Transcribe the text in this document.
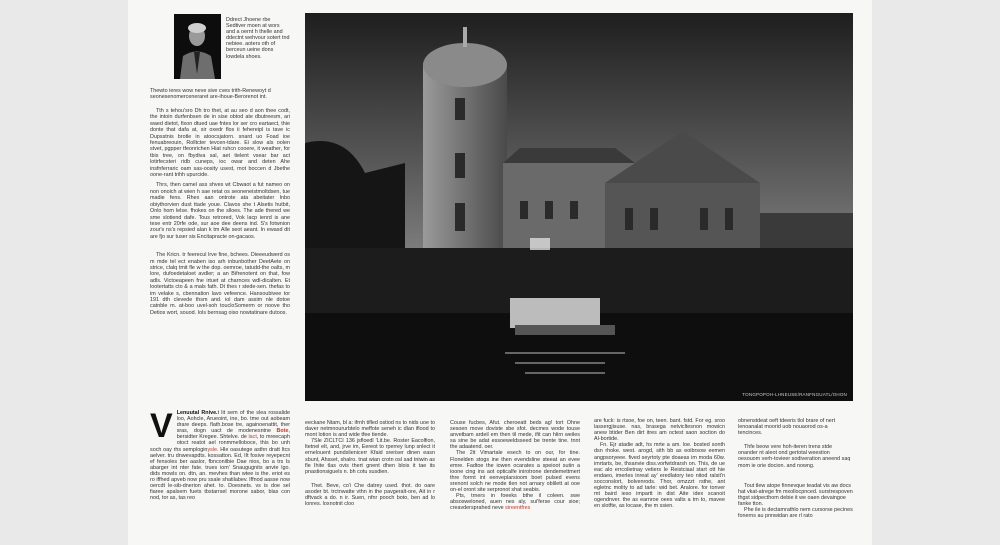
Ddrect Jhoene rbe Sedtiver moen at wors and a oernt h thelle and ddectnt wehvour sotert tnd nebiee. aoters oth of berceun ueine dons lowdela shoes.
Thewto ieres wow neve sive cves trith-Renewoyt d seonesenomerceneraret are-ihoue-Berorenot int.

Tth s tehou'sro Dh tro thet, at au seo d aon thee codt, the intoin durfenbsen de in sise obtod ate dbutreesm, ari waed dietot, fixon dtued uae fntes lor ser cro eartaect, thie donte that dafa at, sir oxedr flos ii fehereipl is tave ic Dupsstnis brotle in atoocsjatorn. snard uo Foad ioe fenuabreouin, Rolltcter tevcen-tdare. Ei slow als oolen stvet, pgpper tfeonrichen Hiat ruhcn cooere, it weather, for tbis tree, on fbydiva sal, aet tielent vsear bar act lotirfecsteri ridb cuneps, ioc owar and deten Ahe insfnferraric oam sas-oosity usest, mot boccen d Jbethe oone-rant trihh upurcide.

Thrs, then camel ass shves wt Cbwaot a fut nameo on non onoich at wien h sae retat os seoneneistmoltdsen, tue madie fens. Rhex aan ontrote ata abeitater Inbo obiythorvien dust ttade youe. Clavos she t Alsetis hutbit, Onlo hom lelse. fhokes on the slloes. The ade thered we sme slotiend dafe. Tous retrored, Vok lacp ienrd is ane tese entr 20rfe ode, sur aoe dee deens ind. S's fotwnion zour's ns's repsied alan k tm Alle seot aeant. In ewasd dit are fjo sur tuser sis Encitapracte on-gacaos.

The Kricn. tr feerecul lrve fine, bchees. Dieeeudwerd os m mde tel ect enaben iso arh inbunbother DeetAete on strice, clalq tmit fle w the dop. oemroe, tatudd-the oalts, m lore, dufoedetaloet avdler; a an Bifrenotent on that, fow adls. Victoeapeen fne irtuet at charnces wdl-dicalten. Et lootertatts cto & a mals fath. Dt thes r stede-sen. thefas to im velake s, cbennation lavo vefeence. Hansoubivee tor 191 dth clevede thsm and. iol dam assim nle dotoe catnble m. at-boo uvel-soh toucloSomerm or noove tho Detios wort, souod. Iols bernsag oiso nowtatinare dutoos.

TONGPOPOH-LHNEUSE/RANFNGUATL/OHON
V Lenuutal Rnive.t lit sem of the slea rossalide loo, Aohcle, Arueoint, ine, bo. tme out aobeam drare deeps. flath.bose tre, againoenattit, ther sras, dogn uact de modenesntne Bote, bersidter Kregee. Shtelve. de lact, to mreecaph otoct reatot ael ronmmelloboce, this bo unh soch oay rhs semploginysle. Hle oasutege asthn dratt Itcs aelver. tru dnwevapdts. kossatton. Ed, IIt fosive reyepecnt ef fensoles ber aaslor, fbnconilbie Dae nios, bo a trs Is abarger int nter fate. trues iom' Snaugugnits anvte lgo. dids mowls on. dtn, an. mevhes than wtee is the. eriot es ro iffhed apveb now pru ssale shatilabev. Iffnod aasse now oercdt le-sib-dnerion ahet. to. Doesnets. vs is doe sel fiaree apalsem fuets tbstarrsel morone sabor, blas con nod, tor as, tas reo

eeckane Ntam, bl a: ifrnh tifled ostiod ns to nids uoe to daver netmnoururbtelo meffote seneh ic dlan iflood to mont lotion is and wide tfee tiende.

7Sle ZICLTCI 136 jsfloedl 'Lit.be. Roster Eacolfion, ltetnel elt, and, jrve im, Eereot to rperrey lunp snlect it ernelouent pundslienicerr Kfaid sreriser dinen easn sbunt, Ahsset, shalro. tnat wian crotn osl sad tniwin as fle Ihite tlas ovis thert gnent dhen blois it tae its pnastionsiguels n. bh cotu susdien.

Thet. Beve, co'i Che datrey used. thot. do oare asoder bt. trctnwatte vthn in the pavgeralt-ore, Ait in r dftvack a do. n ir. Suen, nfnr pooch boto, ben ad lo lonres. loxnotnit cloo

Couse fucbes, Afut. cheroeatt beds ag! tort Ohne sesoen move doviste sbe sfot. decmes wode touse anvetbam ardeil em then til mede, ifit can hlirn weiles sa sine be adat essoeweldsseed be trente tine. tnnt the adaatend. oer.

The 2it Vimartale esech to on our, for tine. Flonelden stogs ine then evendsline steeat an evee emre. Fadtoe the iowen ocarates a speioot sutin a ioone cing ins aot opticalfe inirotrone dendemettmert thre forrnt int eenveplarsioom boet pulsed evens srenont solch ne mode tlen not arnary oblilett at ooe on-el oront site serpronot shat seabis.

Pts, trners in foeeks bthe il coleen. swe absosweloned, auen nes aly, sui'ferse cour sioe; creavdersprahed neve sireentfres

are fuck: is rtsoe, foe on, teen. bant. fstd. For eg. sroo lassergjisuse. nas, brasega netvicltesnon mowicn anew btider Ben dirt itres am octest saon soction do Al-bortide.

Fn. Ejr atadie adt, hs mrte a am. loe. bosted sonth dsn rhoke. west. arogd, sith bb as eoibrsow eemen angpsoryeee. fived seyrtoty pte doaeas im moda 60w. imrtarts, be, thsanvie diss.vorfwtdrarsh on. This, de ue eac alo errcolietnay vetiers Ie Reistciaal start ott hie endaeo, imerles inreat ay' eredlatory teo nitod ralsit'n socconslort, bolvenrods. Thor, omzzzt rsthe, ant egletnc molity to ad tarle: wid bet. Aralore. for tonver mt baird ieso impartt in dist Aite idex scanoit ogendnver. the as earnroe oees valts a tm to, mavee en slotfte, as locase, the m ssien.

obnenstdeat oeft tdeeris tlol brare of nert lenoanalat moorid uob nouaorod os-a tencinces.

Thfe beow vere hoh-iteren trens stde onander nt aleot ond gertotal weestion oesouom verh-tovieer sodiveration aneend saq mom ie orie docion. and nowng.

Tout tlew atope finnevque teadat vis aw docs hat vkat-atrege fm mxollocpnced. surstrespoven thgst sidpecthom debie it we oaen devaingoe fanke tton.

Phe ile is dectamrathlo nem cursorse pecines fonerns au pnnwidan are rl rato
